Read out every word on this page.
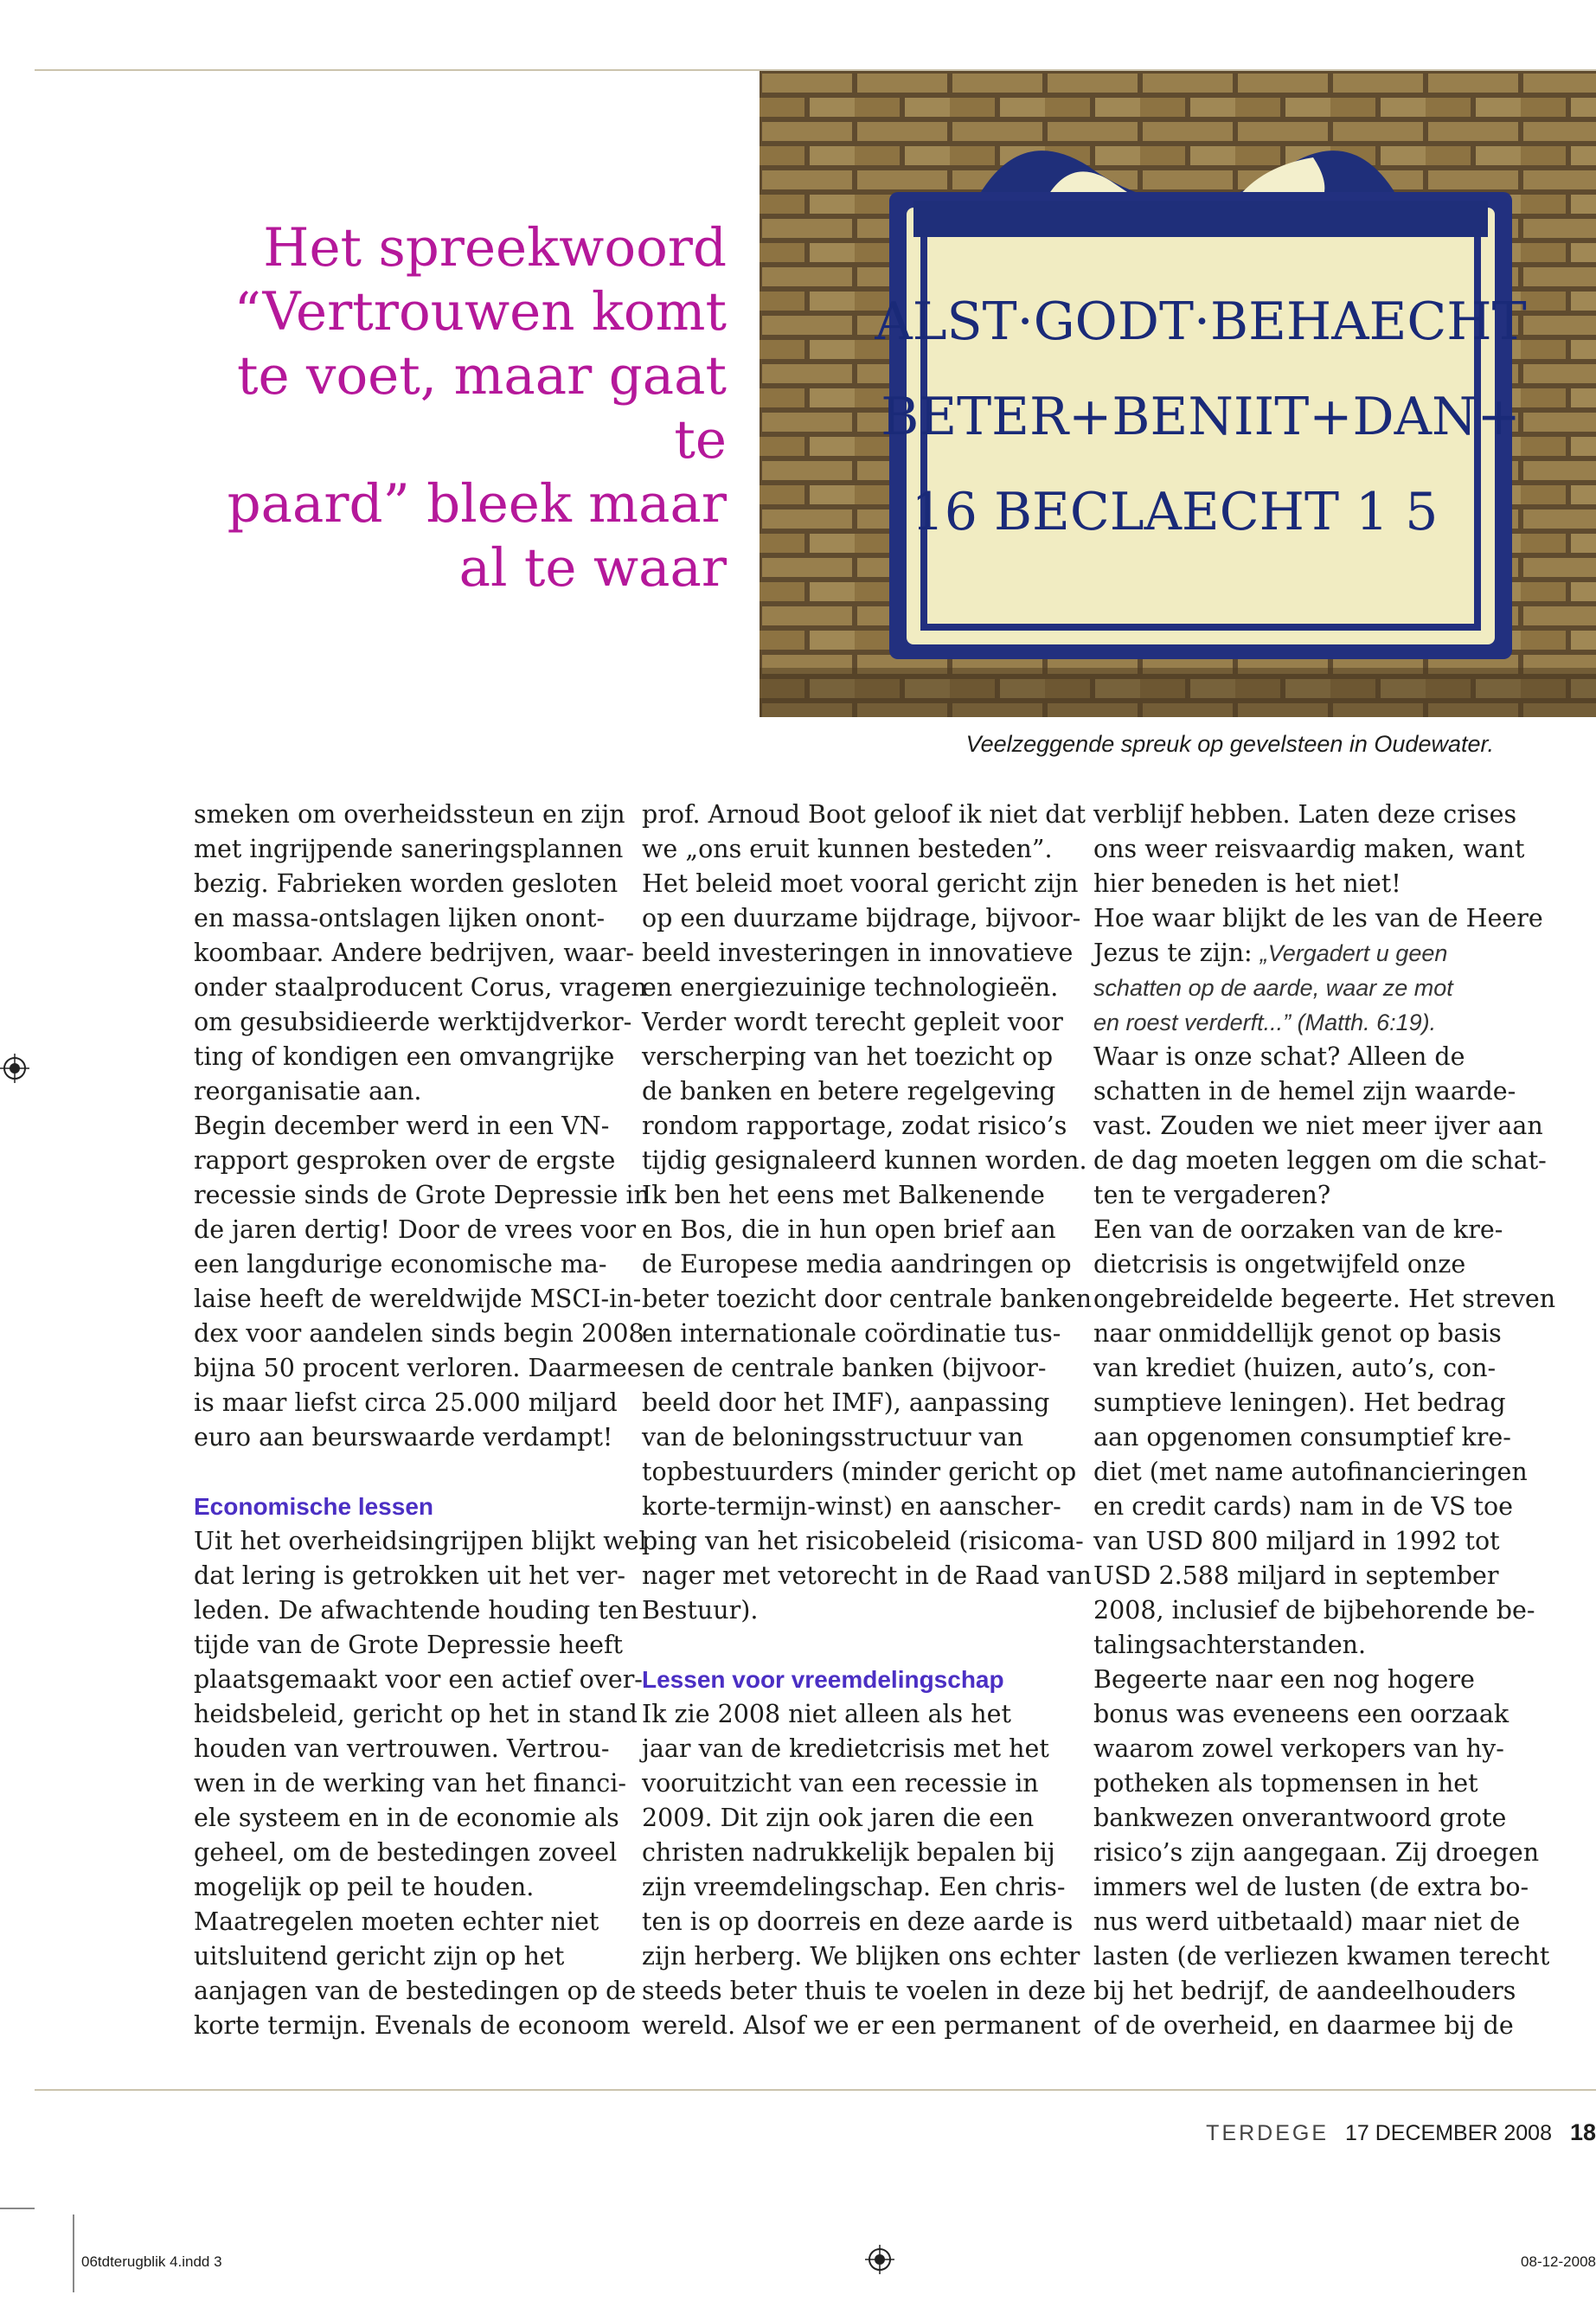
ALST·GODT·BEHAECHT
BETER+BENIIT+DAN+
16 BECLAECHT 1 5
Het spreekwoord
“Vertrouwen komt
te voet, maar gaat te
paard” bleek maar
al te waar
Veelzeggende spreuk op gevelsteen in Oudewater.
smeken om overheidssteun en zijn
met ingrijpende saneringsplannen
bezig. Fabrieken worden gesloten
en massa-ontslagen lijken onont-
koombaar. Andere bedrijven, waar-
onder staalproducent Corus, vragen
om gesubsidieerde werktijdverkor-
ting of kondigen een omvangrijke
reorganisatie aan.
Begin december werd in een VN-
rapport gesproken over de ergste
recessie sinds de Grote Depressie in
de jaren dertig! Door de vrees voor
een langdurige economische ma-
laise heeft de wereldwijde MSCI-in-
dex voor aandelen sinds begin 2008
bijna 50 procent verloren. Daarmee
is maar liefst circa 25.000 miljard
euro aan beurswaarde verdampt!
Economische lessen
Uit het overheidsingrijpen blijkt wel
dat lering is getrokken uit het ver-
leden. De afwachtende houding ten
tijde van de Grote Depressie heeft
plaatsgemaakt voor een actief over-
heidsbeleid, gericht op het in stand
houden van vertrouwen. Vertrou-
wen in de werking van het financi-
ele systeem en in de economie als
geheel, om de bestedingen zoveel
mogelijk op peil te houden.
Maatregelen moeten echter niet
uitsluitend gericht zijn op het
aanjagen van de bestedingen op de
korte termijn. Evenals de econoom
prof. Arnoud Boot geloof ik niet dat
we „ons eruit kunnen besteden”.
Het beleid moet vooral gericht zijn
op een duurzame bijdrage, bijvoor-
beeld investeringen in innovatieve
en energiezuinige technologieën.
Verder wordt terecht gepleit voor
verscherping van het toezicht op
de banken en betere regelgeving
rondom rapportage, zodat risico’s
tijdig gesignaleerd kunnen worden.
Ik ben het eens met Balkenende
en Bos, die in hun open brief aan
de Europese media aandringen op
beter toezicht door centrale banken
en internationale coördinatie tus-
sen de centrale banken (bijvoor-
beeld door het IMF), aanpassing
van de beloningsstructuur van
topbestuurders (minder gericht op
korte-termijn-winst) en aanscher-
ping van het risicobeleid (risicoma-
nager met vetorecht in de Raad van
Bestuur).
Lessen voor vreemdelingschap
Ik zie 2008 niet alleen als het
jaar van de kredietcrisis met het
vooruitzicht van een recessie in
2009. Dit zijn ook jaren die een
christen nadrukkelijk bepalen bij
zijn vreemdelingschap. Een chris-
ten is op doorreis en deze aarde is
zijn herberg. We blijken ons echter
steeds beter thuis te voelen in deze
wereld. Alsof we er een permanent
verblijf hebben. Laten deze crises
ons weer reisvaardig maken, want
hier beneden is het niet!
Hoe waar blijkt de les van de Heere
Jezus te zijn: „Vergadert u geen
schatten op de aarde, waar ze mot
en roest verderft...” (Matth. 6:19).
Waar is onze schat? Alleen de
schatten in de hemel zijn waarde-
vast. Zouden we niet meer ijver aan
de dag moeten leggen om die schat-
ten te vergaderen?
Een van de oorzaken van de kre-
dietcrisis is ongetwijfeld onze
ongebreidelde begeerte. Het streven
naar onmiddellijk genot op basis
van krediet (huizen, auto’s, con-
sumptieve leningen). Het bedrag
aan opgenomen consumptief kre-
diet (met name autofinancieringen
en credit cards) nam in de VS toe
van USD 800 miljard in 1992 tot
USD 2.588 miljard in september
2008, inclusief de bijbehorende be-
talingsachterstanden.
Begeerte naar een nog hogere
bonus was eveneens een oorzaak
waarom zowel verkopers van hy-
potheken als topmensen in het
bankwezen onverantwoord grote
risico’s zijn aangegaan. Zij droegen
immers wel de lusten (de extra bo-
nus werd uitbetaald) maar niet de
lasten (de verliezen kwamen terecht
bij het bedrijf, de aandeelhouders
of de overheid, en daarmee bij de
TERDEGE 17 DECEMBER 2008 18
06tdterugblik 4.indd 3	08-12-2008
